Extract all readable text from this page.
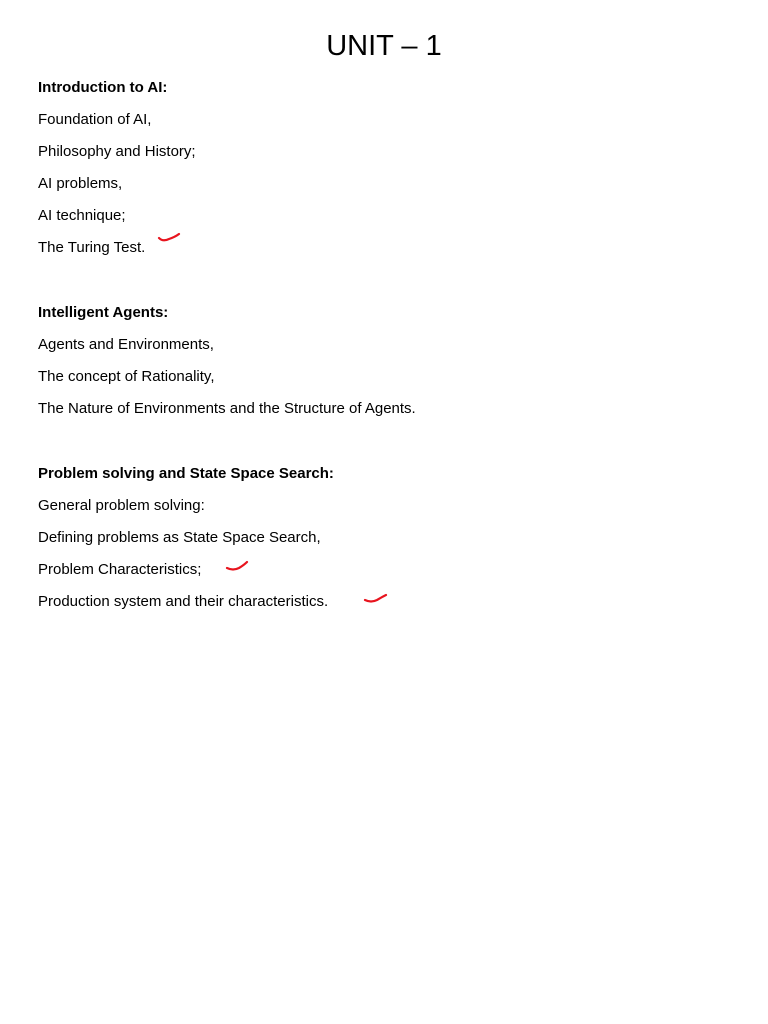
UNIT – 1
Introduction to AI:
Foundation of AI,
Philosophy and History;
AI problems,
AI technique;
The Turing Test.
Intelligent Agents:
Agents and Environments,
The concept of Rationality,
The Nature of Environments and the Structure of Agents.
Problem solving and State Space Search:
General problem solving:
Defining problems as State Space Search,
Problem Characteristics;
Production system and their characteristics.
